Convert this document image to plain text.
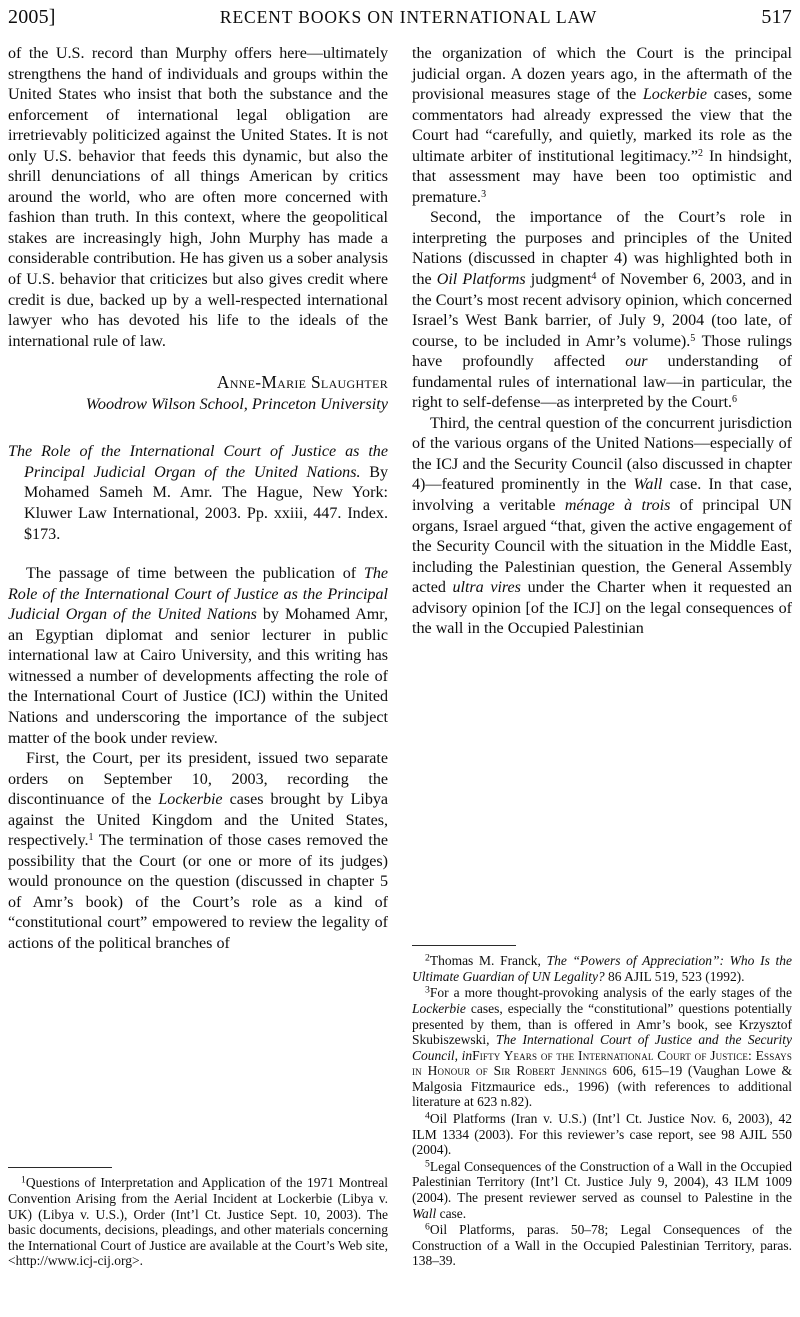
2005]	RECENT BOOKS ON INTERNATIONAL LAW	517

of the U.S. record than Murphy offers here—ultimately strengthens the hand of individuals and groups within the United States who insist that both the substance and the enforcement of international legal obligation are irretrievably politicized against the United States. It is not only U.S. behavior that feeds this dynamic, but also the shrill denunciations of all things American by critics around the world, who are often more concerned with fashion than truth. In this context, where the geopolitical stakes are increasingly high, John Murphy has made a considerable contribution. He has given us a sober analysis of U.S. behavior that criticizes but also gives credit where credit is due, backed up by a well-respected international lawyer who has devoted his life to the ideals of the international rule of law.

Anne-Marie Slaughter
Woodrow Wilson School, Princeton University
The Role of the International Court of Justice as the Principal Judicial Organ of the United Nations. By Mohamed Sameh M. Amr. The Hague, New York: Kluwer Law International, 2003. Pp. xxiii, 447. Index. $173.

The passage of time between the publication of The Role of the International Court of Justice as the Principal Judicial Organ of the United Nations by Mohamed Amr, an Egyptian diplomat and senior lecturer in public international law at Cairo University, and this writing has witnessed a number of developments affecting the role of the International Court of Justice (ICJ) within the United Nations and underscoring the importance of the subject matter of the book under review.

First, the Court, per its president, issued two separate orders on September 10, 2003, recording the discontinuance of the Lockerbie cases brought by Libya against the United Kingdom and the United States, respectively.$^1$ The termination of those cases removed the possibility that the Court (or one or more of its judges) would pronounce on the question (discussed in chapter 5 of Amr’s book) of the Court’s role as a kind of “constitutional court” empowered to review the legality of actions of the political branches of

$^1$Questions of Interpretation and Application of the 1971 Montreal Convention Arising from the Aerial Incident at Lockerbie (Libya v. UK) (Libya v. U.S.), Order (Int’l Ct. Justice Sept. 10, 2003). The basic documents, decisions, pleadings, and other materials concerning the International Court of Justice are available at the Court’s Web site, <http://www.icj-cij.org>.

the organization of which the Court is the principal judicial organ. A dozen years ago, in the aftermath of the provisional measures stage of the Lockerbie cases, some commentators had already expressed the view that the Court had “carefully, and quietly, marked its role as the ultimate arbiter of institutional legitimacy.”$^2$ In hindsight, that assessment may have been too optimistic and premature.$^3$

Second, the importance of the Court’s role in interpreting the purposes and principles of the United Nations (discussed in chapter 4) was highlighted both in the Oil Platforms judgment$^4$ of November 6, 2003, and in the Court’s most recent advisory opinion, which concerned Israel’s West Bank barrier, of July 9, 2004 (too late, of course, to be included in Amr’s volume).$^5$ Those rulings have profoundly affected our understanding of fundamental rules of international law—in particular, the right to self-defense—as interpreted by the Court.$^6$

Third, the central question of the concurrent jurisdiction of the various organs of the United Nations—especially of the ICJ and the Security Council (also discussed in chapter 4)—featured prominently in the Wall case. In that case, involving a veritable ménage à trois of principal UN organs, Israel argued “that, given the active engagement of the Security Council with the situation in the Middle East, including the Palestinian question, the General Assembly acted ultra vires under the Charter when it requested an advisory opinion [of the ICJ] on the legal consequences of the wall in the Occupied Palestinian

$^2$Thomas M. Franck, The “Powers of Appreciation”: Who Is the Ultimate Guardian of UN Legality? 86 AJIL 519, 523 (1992).

$^3$For a more thought-provoking analysis of the early stages of the Lockerbie cases, especially the “constitutional” questions potentially presented by them, than is offered in Amr’s book, see Krzysztof Skubiszewski, The International Court of Justice and the Security Council, inFifty Years of the International Court of Justice: Essays in Honour of Sir Robert Jennings 606, 615–19 (Vaughan Lowe & Malgosia Fitzmaurice eds., 1996) (with references to additional literature at 623 n.82).

$^4$Oil Platforms (Iran v. U.S.) (Int’l Ct. Justice Nov. 6, 2003), 42 ILM 1334 (2003). For this reviewer’s case report, see 98 AJIL 550 (2004).

$^5$Legal Consequences of the Construction of a Wall in the Occupied Palestinian Territory (Int’l Ct. Justice July 9, 2004), 43 ILM 1009 (2004). The present reviewer served as counsel to Palestine in the Wall case.

$^6$Oil Platforms, paras. 50–78; Legal Consequences of the Construction of a Wall in the Occupied Palestinian Territory, paras. 138–39.
